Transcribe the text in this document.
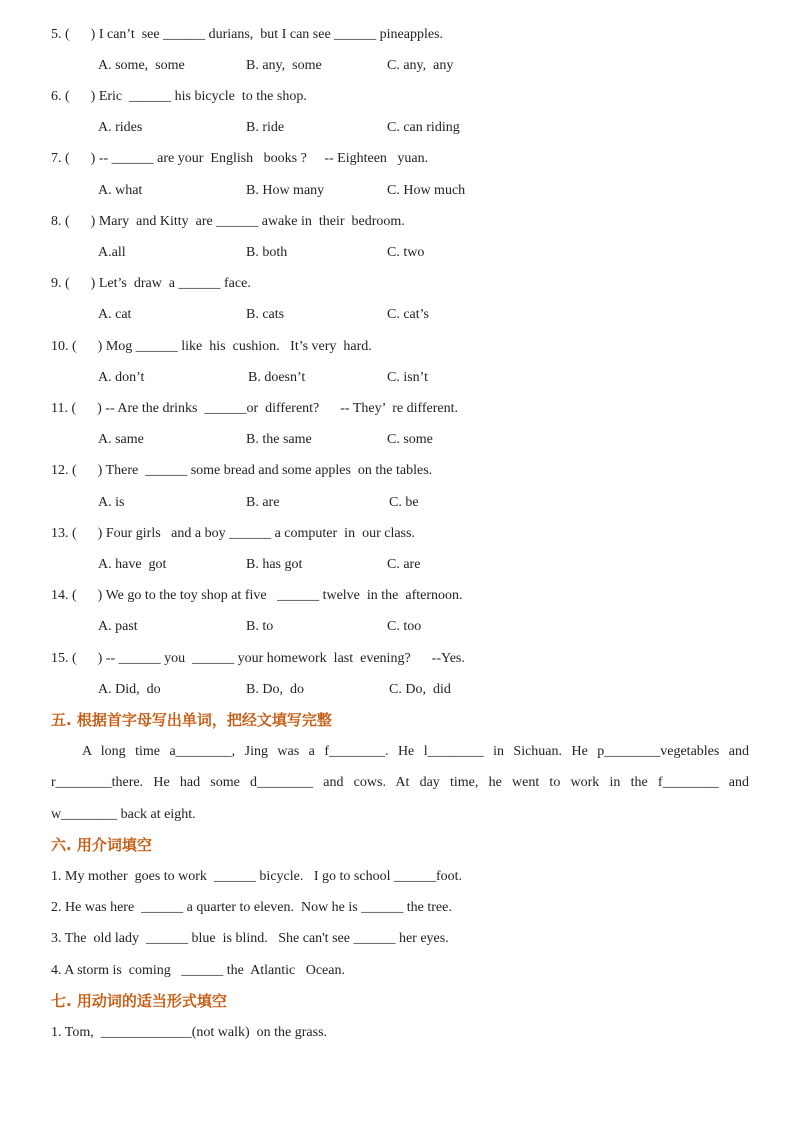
5. (      ) I can’t  see ______ durians,  but I can see ______ pineapples.
A. some,  some	B. any,  some	C. any,  any
6. (      ) Eric  ______ his bicycle  to the shop.
A. rides	B. ride	C. can riding
7. (      ) -- ______ are your  English   books ?     -- Eighteen   yuan.
A. what	B. How many	C. How much
8. (      ) Mary  and Kitty  are ______ awake in  their  bedroom.
A.all	B. both	C. two
9. (      ) Let’s  draw  a ______ face.
A. cat	B. cats	C. cat’s
10. (      ) Mog ______ like  his  cushion.   It’s very  hard.
A. don’t	B. doesn’t	C. isn’t
11. (      ) -- Are the drinks  ______or  different?      -- They’  re different.
A. same	B. the same	C. some
12. (      ) There  ______ some bread and some apples  on the tables.
A. is	B. are	C. be
13. (      ) Four girls   and a boy ______ a computer  in  our class.
A. have  got	B. has got	C. are
14. (      ) We go to the toy shop at five   ______ twelve  in the  afternoon.
A. past	B. to	C. too
15. (      ) -- ______ you  ______ your homework  last  evening?      --Yes.
A. Did,  do	B. Do,  do	C. Do,  did
五. 根据首字母写出单词，把经文填写完整
A long time a________, Jing was a f________. He l________ in Sichuan. He p________vegetables and
r________there. He had some d________ and cows. At day time, he went to work in the f________ and
w________ back at eight.
六. 用介词填空
1. My mother  goes to work  ______ bicycle.   I go to school ______foot.
2. He was here  ______ a quarter to eleven.  Now he is ______ the tree.
3. The  old lady  ______ blue  is blind.   She can't see ______ her eyes.
4. A storm is  coming   ______ the  Atlantic   Ocean.
七. 用动词的适当形式填空
1. Tom,  _____________(not walk)  on the grass.
